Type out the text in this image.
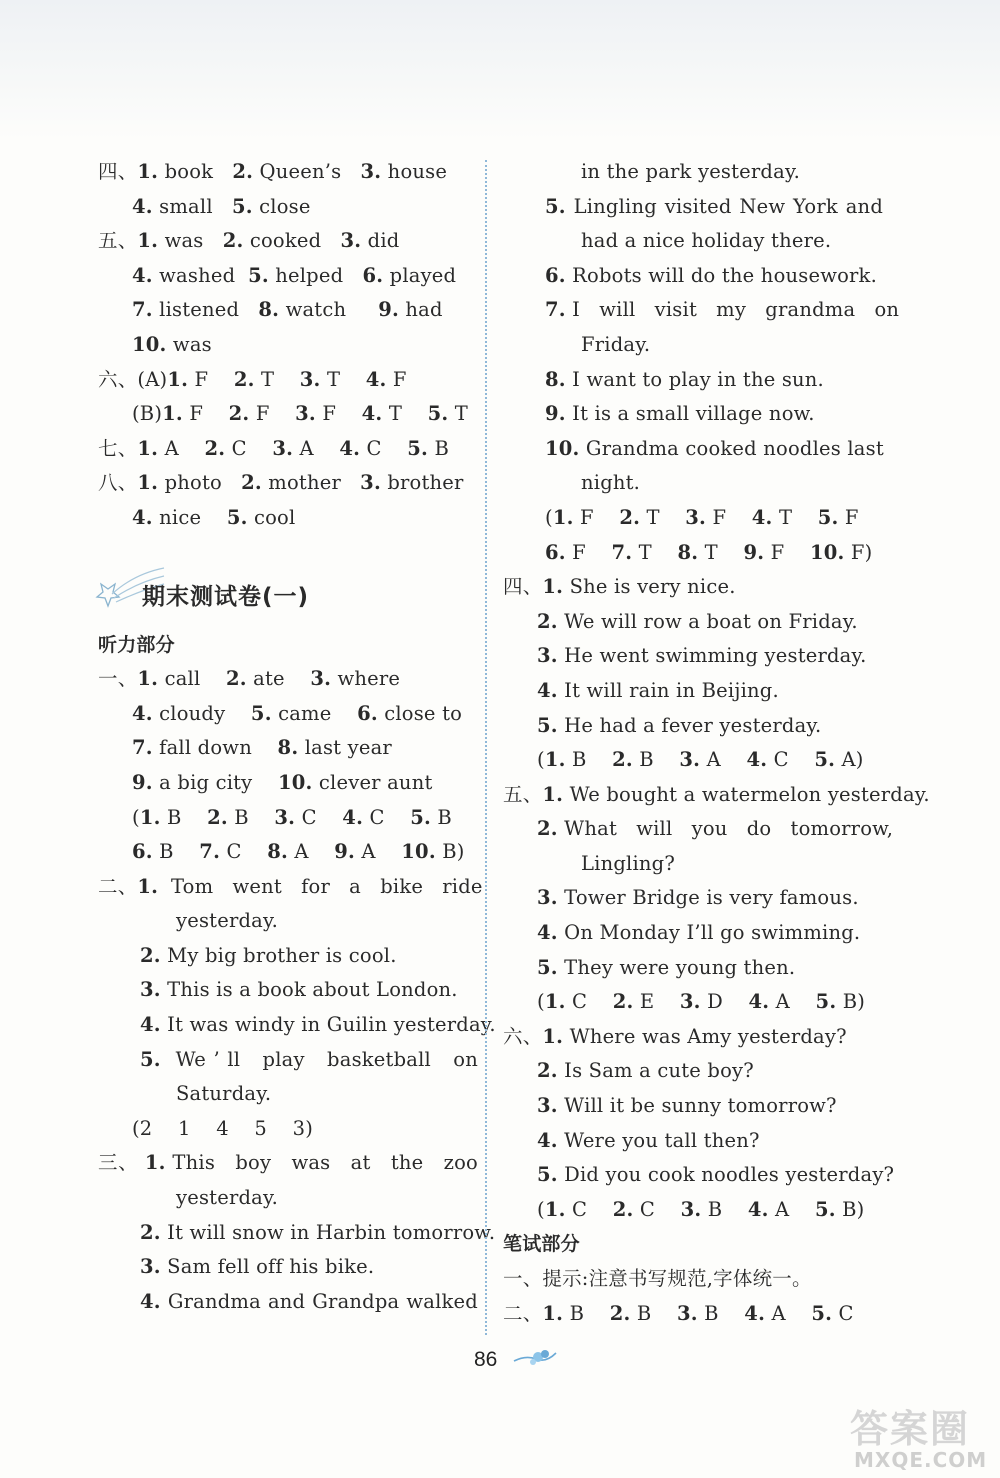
四、1. book   2. Queen’s   3. house
4. small   5. close
五、1. was   2. cooked   3. did
4. washed  5. helped   6. played
7. listened   8. watch     9. had
10. was
六、(A)1. F    2. T    3. T    4. F
(B)1. F    2. F    3. F    4. T    5. T
七、1. A    2. C    3. A    4. C    5. B
八、1. photo   2. mother   3. brother
4. nice    5. cool
期末测试卷(一)
听力部分
一、1. call    2. ate    3. where
4. cloudy    5. came    6. close to
7. fall down    8. last year
9. a big city    10. clever aunt
(1. B    2. B    3. C    4. C    5. B
6. B    7. C    8. A    9. A    10. B)
二、1.  Tom   went   for   a   bike   ride
yesterday.
2. My big brother is cool.
3. This is a book about London.
4. It was windy in Guilin yesterday.
5.  We ’ ll   play   basketball   on
Saturday.
(2    1    4    5    3)
三、 1. This   boy   was   at   the   zoo
yesterday.
2. It will snow in Harbin tomorrow.
3. Sam fell off his bike.
4. Grandma and Grandpa walked
in the park yesterday.
5. Lingling visited New York and
had a nice holiday there.
6. Robots will do the housework.
7. I   will   visit   my   grandma   on
Friday.
8. I want to play in the sun.
9. It is a small village now.
10. Grandma cooked noodles last
night.
(1. F    2. T    3. F    4. T    5. F
6. F    7. T    8. T    9. F    10. F)
四、1. She is very nice.
2. We will row a boat on Friday.
3. He went swimming yesterday.
4. It will rain in Beijing.
5. He had a fever yesterday.
(1. B    2. B    3. A    4. C    5. A)
五、1. We bought a watermelon yesterday.
2. What   will   you   do   tomorrow,
Lingling?
3. Tower Bridge is very famous.
4. On Monday I’ll go swimming.
5. They were young then.
(1. C    2. E    3. D    4. A    5. B)
六、1. Where was Amy yesterday?
2. Is Sam a cute boy?
3. Will it be sunny tomorrow?
4. Were you tall then?
5. Did you cook noodles yesterday?
(1. C    2. C    3. B    4. A    5. B)
笔试部分
一、提示:注意书写规范,字体统一。
二、1. B    2. B    3. B    4. A    5. C
86
答案圈
MXQE.COM
